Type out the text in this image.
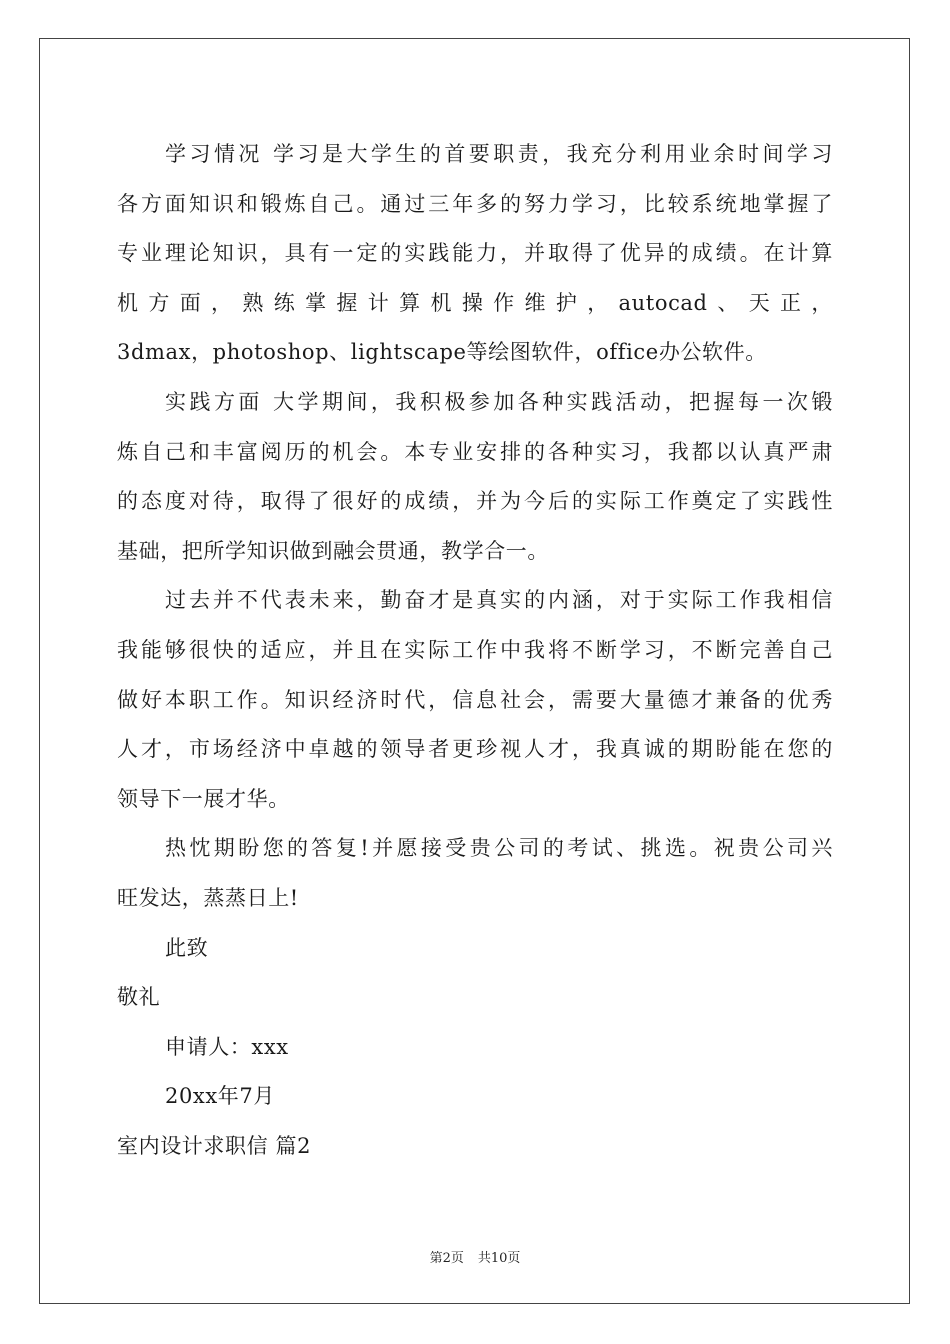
学习情况 学习是大学生的首要职责，我充分利用业余时间学习
各方面知识和锻炼自己。通过三年多的努力学习，比较系统地掌握了
专业理论知识，具有一定的实践能力，并取得了优异的成绩。在计算
机方面，熟练掌握计算机操作维护，autocad、天正，
3dmax，photoshop、lightscape等绘图软件，office办公软件。
实践方面 大学期间，我积极参加各种实践活动，把握每一次锻
炼自己和丰富阅历的机会。本专业安排的各种实习，我都以认真严肃
的态度对待，取得了很好的成绩，并为今后的实际工作奠定了实践性
基础，把所学知识做到融会贯通，教学合一。
过去并不代表未来，勤奋才是真实的内涵，对于实际工作我相信
我能够很快的适应，并且在实际工作中我将不断学习，不断完善自己
做好本职工作。知识经济时代，信息社会，需要大量德才兼备的优秀
人才，市场经济中卓越的领导者更珍视人才，我真诚的期盼能在您的
领导下一展才华。
热忱期盼您的答复!并愿接受贵公司的考试、挑选。祝贵公司兴
旺发达，蒸蒸日上!
此致
敬礼
申请人：xxx
20xx年7月
室内设计求职信 篇2
第2页 共10页
